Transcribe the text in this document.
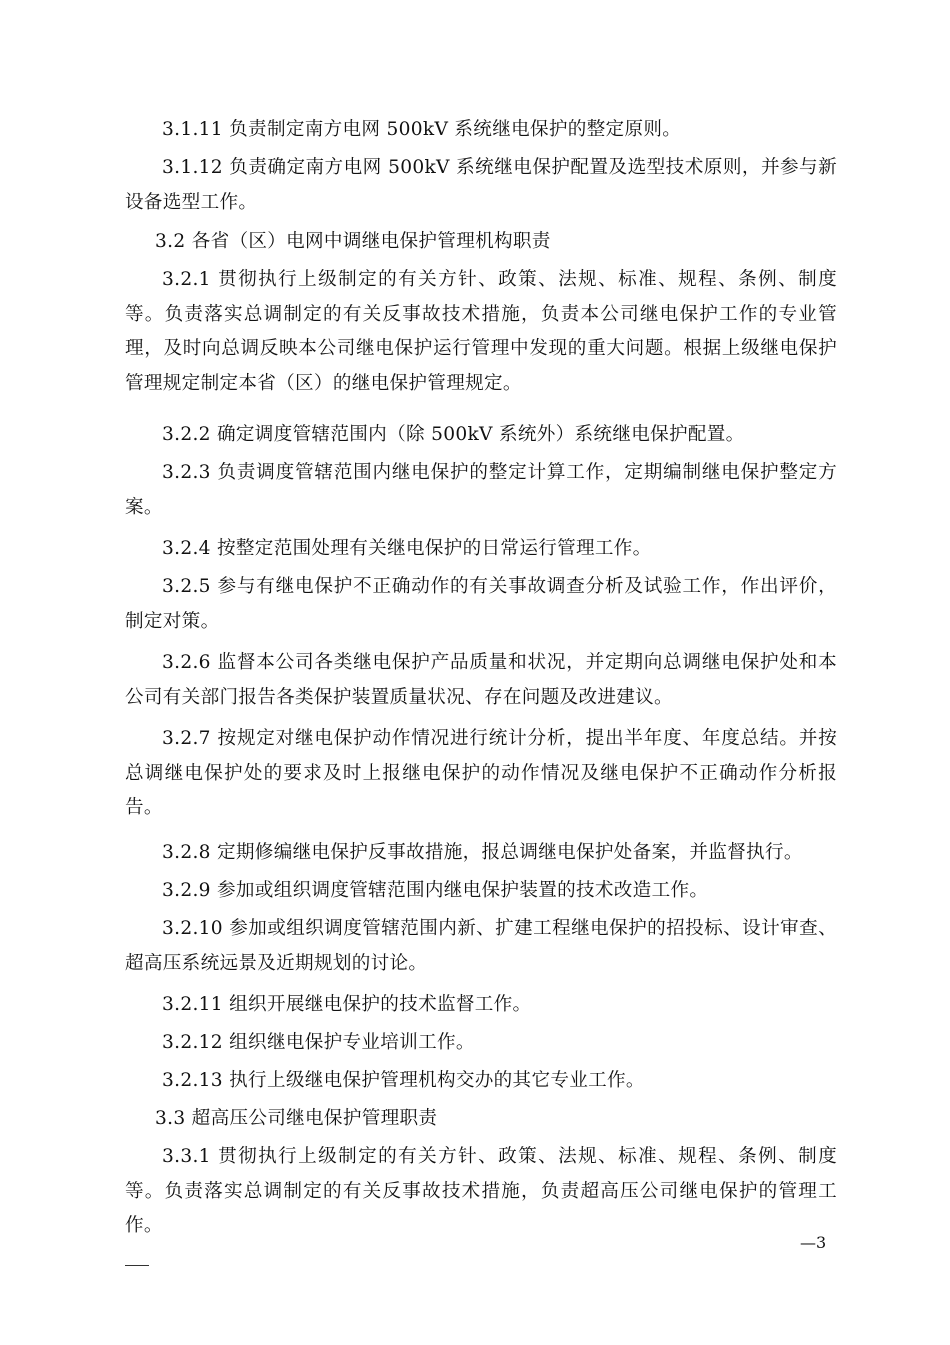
3.1.11 负责制定南方电网 500kV 系统继电保护的整定原则。

3.1.12 负责确定南方电网 500kV 系统继电保护配置及选型技术原则，并参与新设备选型工作。

3.2 各省（区）电网中调继电保护管理机构职责

3.2.1 贯彻执行上级制定的有关方针、政策、法规、标准、规程、条例、制度等。负责落实总调制定的有关反事故技术措施，负责本公司继电保护工作的专业管理，及时向总调反映本公司继电保护运行管理中发现的重大问题。根据上级继电保护管理规定制定本省（区）的继电保护管理规定。

3.2.2 确定调度管辖范围内（除 500kV 系统外）系统继电保护配置。

3.2.3 负责调度管辖范围内继电保护的整定计算工作，定期编制继电保护整定方案。

3.2.4 按整定范围处理有关继电保护的日常运行管理工作。

3.2.5 参与有继电保护不正确动作的有关事故调查分析及试验工作，作出评价，制定对策。

3.2.6 监督本公司各类继电保护产品质量和状况，并定期向总调继电保护处和本公司有关部门报告各类保护装置质量状况、存在问题及改进建议。

3.2.7 按规定对继电保护动作情况进行统计分析，提出半年度、年度总结。并按总调继电保护处的要求及时上报继电保护的动作情况及继电保护不正确动作分析报告。

3.2.8 定期修编继电保护反事故措施，报总调继电保护处备案，并监督执行。

3.2.9 参加或组织调度管辖范围内继电保护装置的技术改造工作。

3.2.10 参加或组织调度管辖范围内新、扩建工程继电保护的招投标、设计审查、超高压系统远景及近期规划的讨论。

3.2.11 组织开展继电保护的技术监督工作。

3.2.12 组织继电保护专业培训工作。

3.2.13 执行上级继电保护管理机构交办的其它专业工作。

3.3 超高压公司继电保护管理职责

3.3.1 贯彻执行上级制定的有关方针、政策、法规、标准、规程、条例、制度等。负责落实总调制定的有关反事故技术措施，负责超高压公司继电保护的管理工作。

—3
